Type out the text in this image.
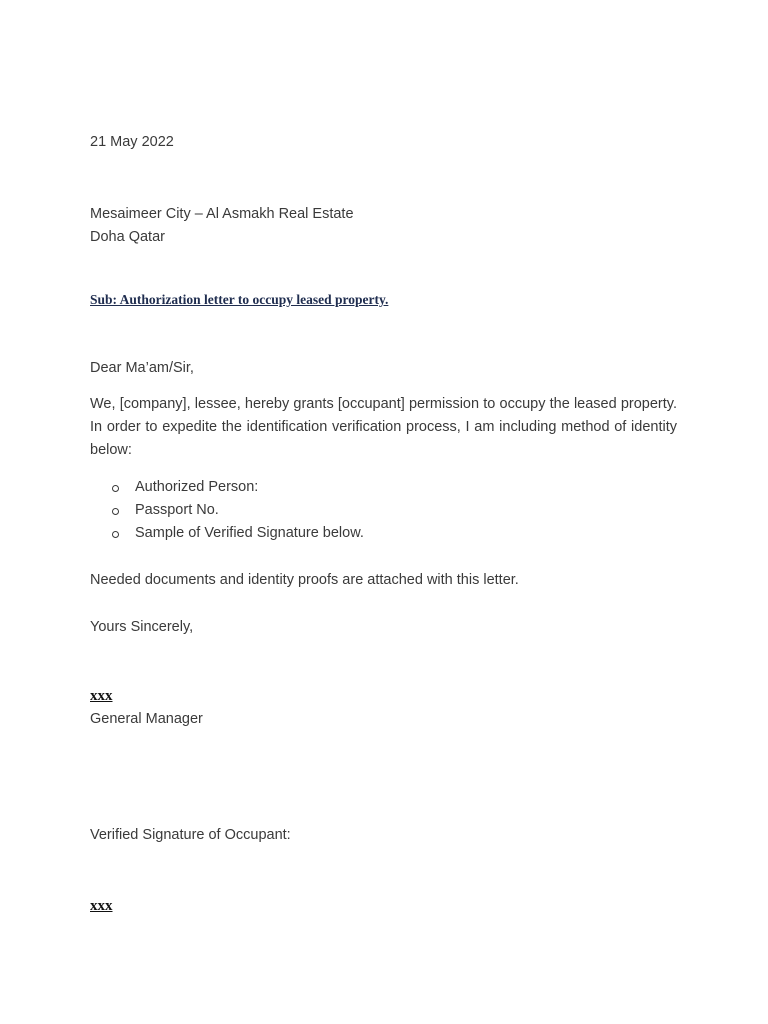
21 May 2022

Mesaimeer City – Al Asmakh Real Estate
Doha Qatar

Sub: Authorization letter to occupy leased property.

Dear Ma’am/Sir,

We, [company], lessee, hereby grants [occupant] permission to occupy the leased property. In order to expedite the identification verification process, I am including method of identity below:

Authorized Person:
Passport No.
Sample of Verified Signature below.

Needed documents and identity proofs are attached with this letter.

Yours Sincerely,

xxx
General Manager

Verified Signature of Occupant:

xxx
